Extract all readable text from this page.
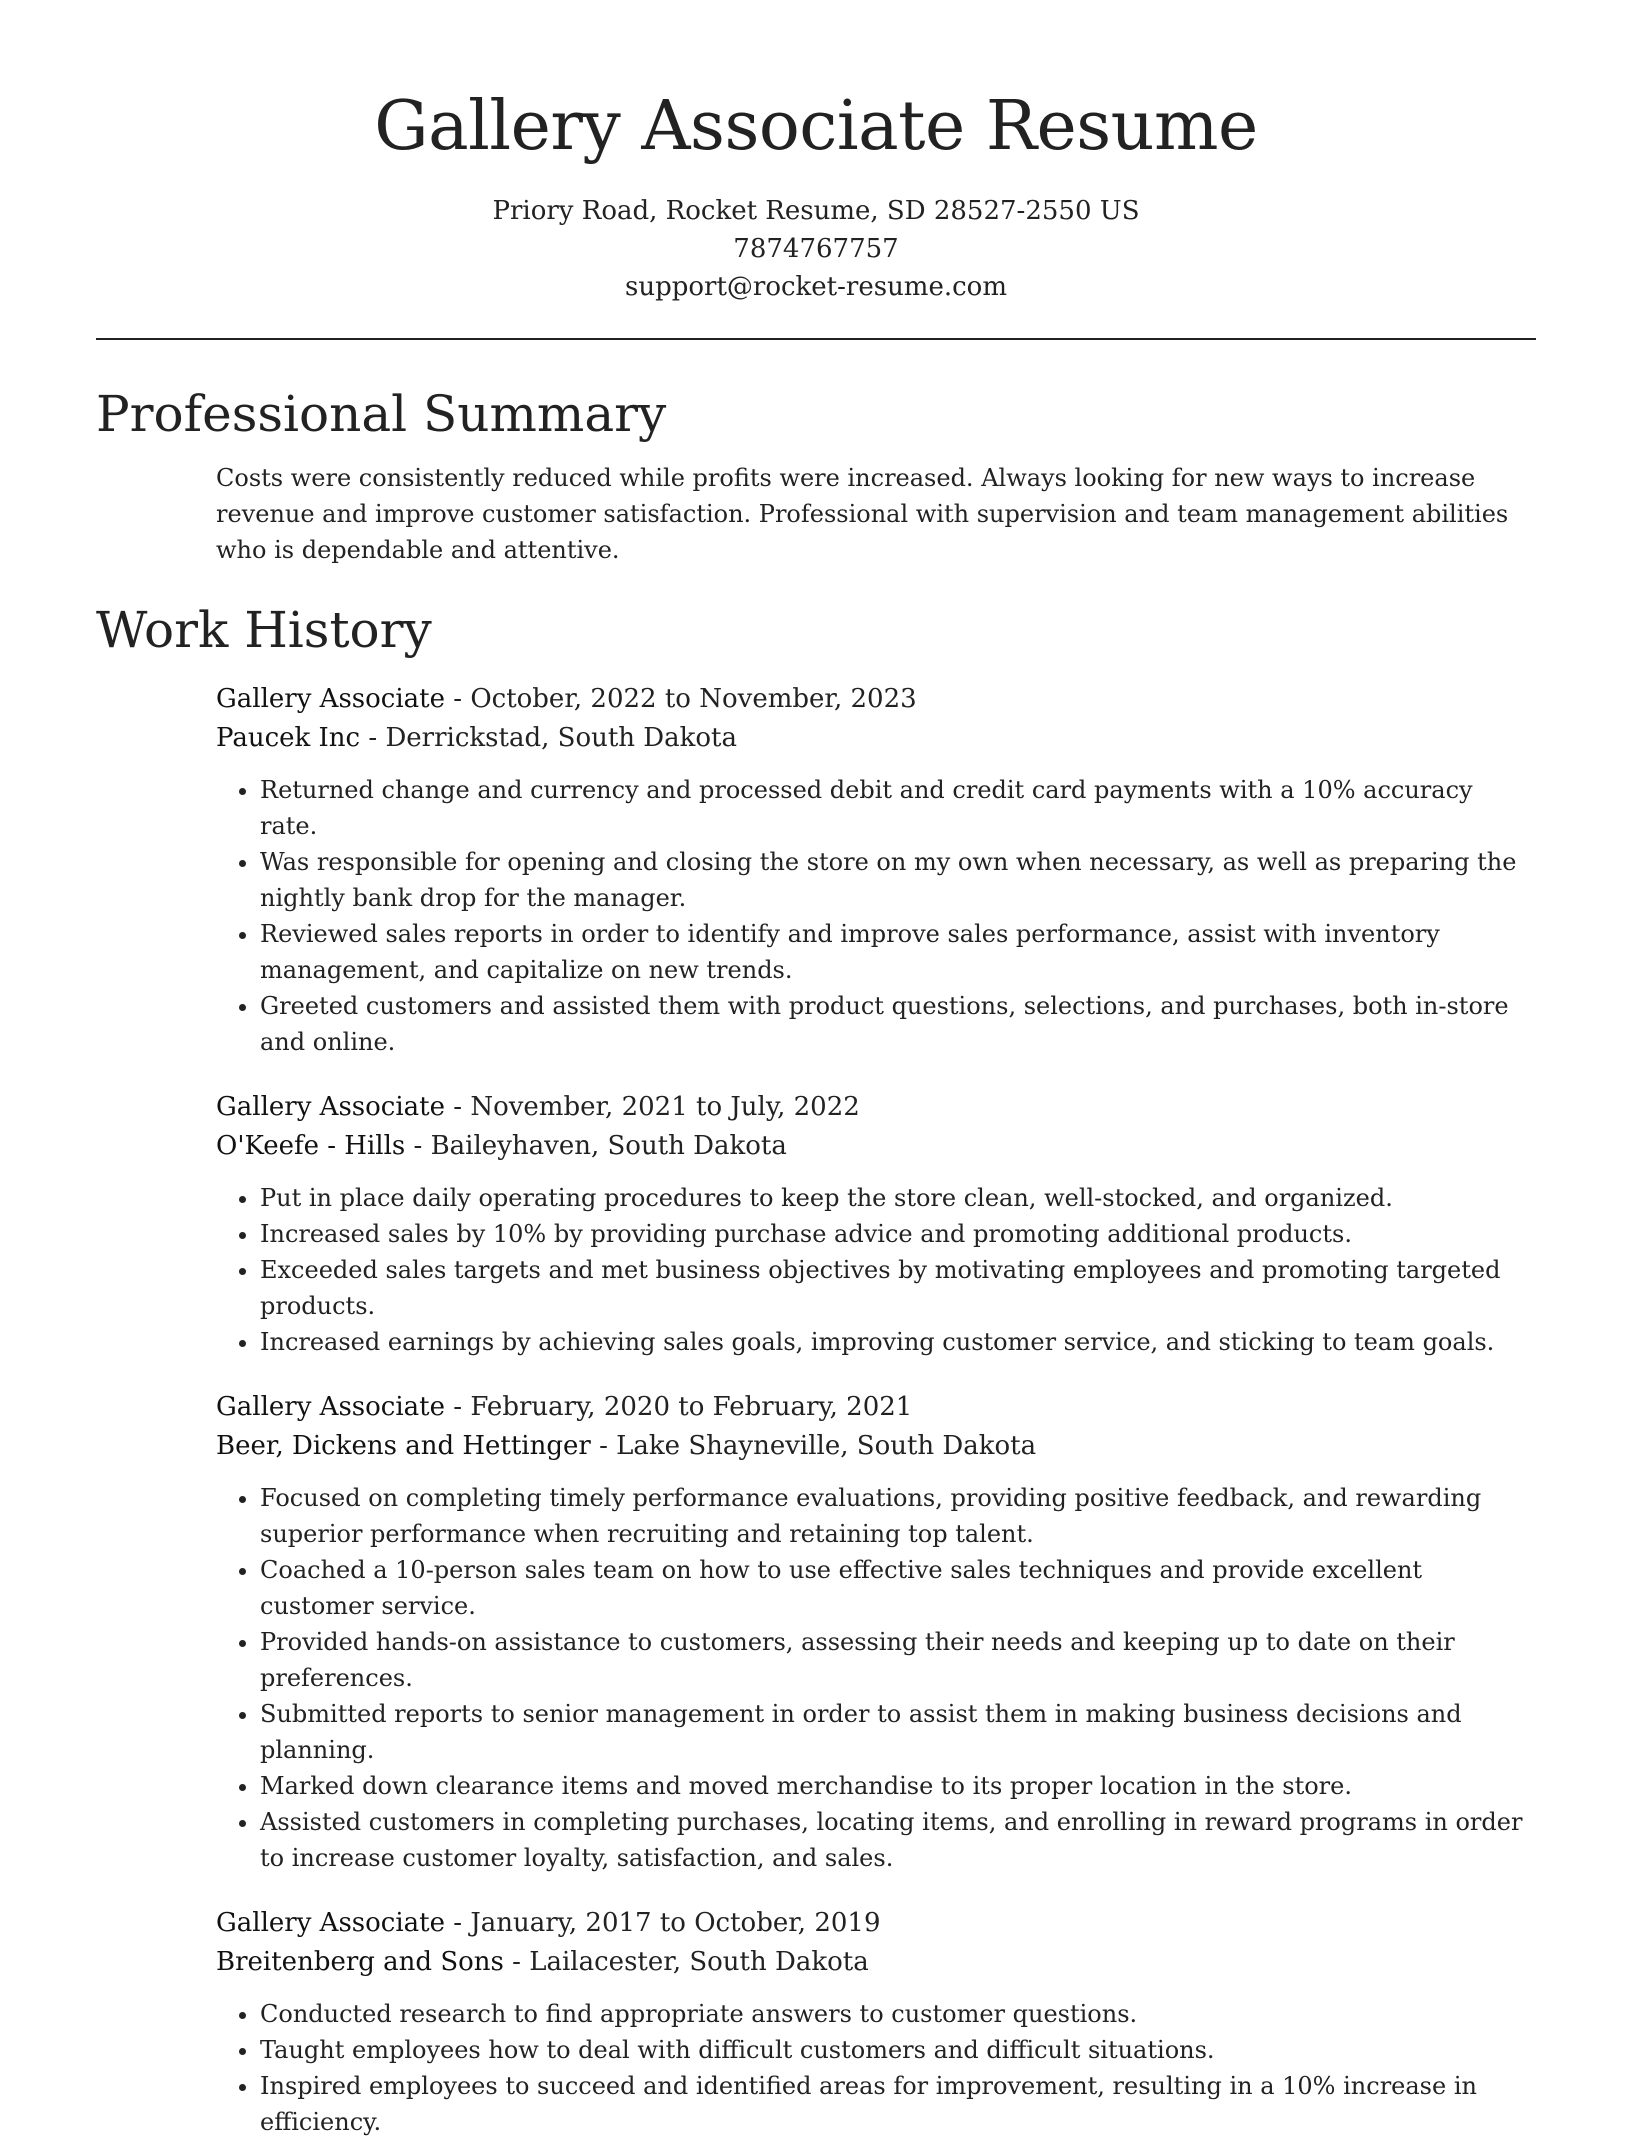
Gallery Associate Resume
Priory Road, Rocket Resume, SD 28527-2550 US
7874767757
support@rocket-resume.com
Professional Summary

Costs were consistently reduced while profits were increased. Always looking for new ways to increase revenue and improve customer satisfaction. Professional with supervision and team management abilities who is dependable and attentive.

Work History
Gallery Associate - October, 2022 to November, 2023
Paucek Inc - Derrickstad, South Dakota
• Returned change and currency and processed debit and credit card payments with a 10% accuracy rate.
• Was responsible for opening and closing the store on my own when necessary, as well as preparing the nightly bank drop for the manager.
• Reviewed sales reports in order to identify and improve sales performance, assist with inventory management, and capitalize on new trends.
• Greeted customers and assisted them with product questions, selections, and purchases, both in-store and online.
Gallery Associate - November, 2021 to July, 2022
O'Keefe - Hills - Baileyhaven, South Dakota
• Put in place daily operating procedures to keep the store clean, well-stocked, and organized.
• Increased sales by 10% by providing purchase advice and promoting additional products.
• Exceeded sales targets and met business objectives by motivating employees and promoting targeted products.
• Increased earnings by achieving sales goals, improving customer service, and sticking to team goals.
Gallery Associate - February, 2020 to February, 2021
Beer, Dickens and Hettinger - Lake Shayneville, South Dakota
• Focused on completing timely performance evaluations, providing positive feedback, and rewarding superior performance when recruiting and retaining top talent.
• Coached a 10-person sales team on how to use effective sales techniques and provide excellent customer service.
• Provided hands-on assistance to customers, assessing their needs and keeping up to date on their preferences.
• Submitted reports to senior management in order to assist them in making business decisions and planning.
• Marked down clearance items and moved merchandise to its proper location in the store.
• Assisted customers in completing purchases, locating items, and enrolling in reward programs in order to increase customer loyalty, satisfaction, and sales.
Gallery Associate - January, 2017 to October, 2019
Breitenberg and Sons - Lailacester, South Dakota
• Conducted research to find appropriate answers to customer questions.
• Taught employees how to deal with difficult customers and difficult situations.
• Inspired employees to succeed and identified areas for improvement, resulting in a 10% increase in efficiency.
